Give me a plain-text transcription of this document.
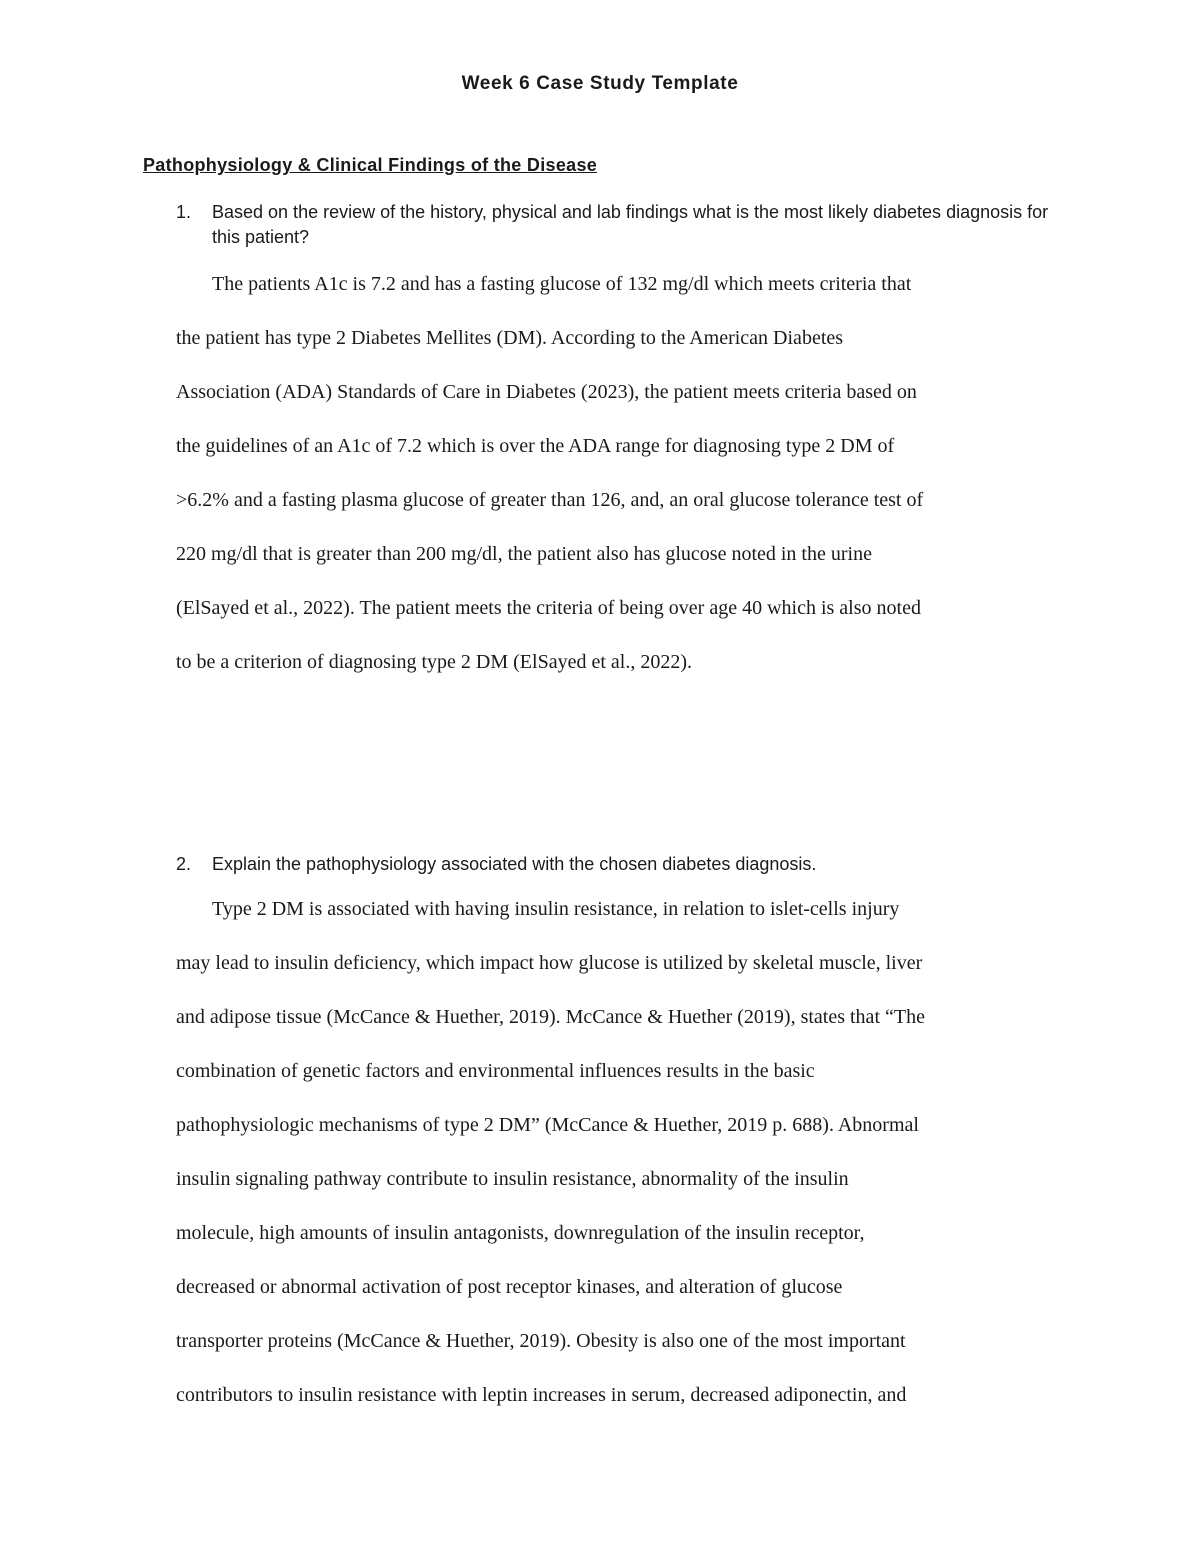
Week 6 Case Study Template
Pathophysiology & Clinical Findings of the Disease
1. Based on the review of the history, physical and lab findings what is the most likely diabetes diagnosis for this patient?
The patients A1c is 7.2 and has a fasting glucose of 132 mg/dl which meets criteria that
the patient has type 2 Diabetes Mellites (DM). According to the American Diabetes
Association (ADA) Standards of Care in Diabetes (2023), the patient meets criteria based on
the guidelines of an A1c of 7.2 which is over the ADA range for diagnosing type 2 DM of
>6.2% and a fasting plasma glucose of greater than 126, and, an oral glucose tolerance test of
220 mg/dl that is greater than 200 mg/dl, the patient also has glucose noted in the urine
(ElSayed et al., 2022). The patient meets the criteria of being over age 40 which is also noted
to be a criterion of diagnosing type 2 DM (ElSayed et al., 2022).
2. Explain the pathophysiology associated with the chosen diabetes diagnosis.
Type 2 DM is associated with having insulin resistance, in relation to islet-cells injury
may lead to insulin deficiency, which impact how glucose is utilized by skeletal muscle, liver
and adipose tissue (McCance & Huether, 2019). McCance & Huether (2019), states that “The
combination of genetic factors and environmental influences results in the basic
pathophysiologic mechanisms of type 2 DM” (McCance & Huether, 2019 p. 688). Abnormal
insulin signaling pathway contribute to insulin resistance, abnormality of the insulin
molecule, high amounts of insulin antagonists, downregulation of the insulin receptor,
decreased or abnormal activation of post receptor kinases, and alteration of glucose
transporter proteins (McCance & Huether, 2019). Obesity is also one of the most important
contributors to insulin resistance with leptin increases in serum, decreased adiponectin, and
